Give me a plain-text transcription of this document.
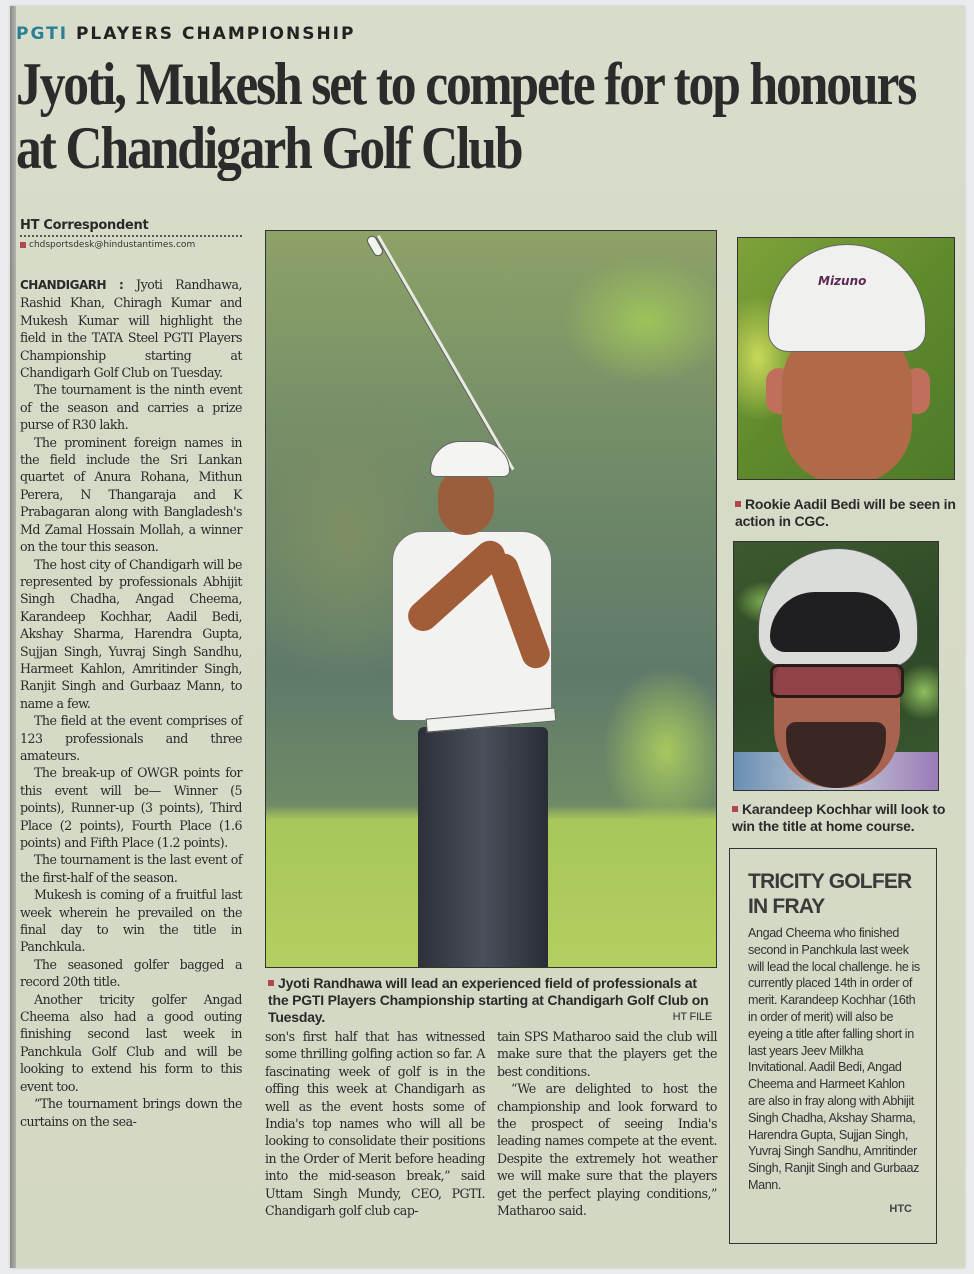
PGTI PLAYERS CHAMPIONSHIP
Jyoti, Mukesh set to compete for top honours at Chandigarh Golf Club
HT Correspondent
chdsportsdesk@hindustantimes.com

CHANDIGARH : Jyoti Randhawa, Rashid Khan, Chiragh Kumar and Mukesh Kumar will highlight the field in the TATA Steel PGTI Players Championship starting at Chandigarh Golf Club on Tuesday.

The tournament is the ninth event of the season and carries a prize purse of R30 lakh.

The prominent foreign names in the field include the Sri Lankan quartet of Anura Rohana, Mithun Perera, N Thangaraja and K Prabagaran along with Bangladesh's Md Zamal Hossain Mollah, a winner on the tour this season.

The host city of Chandigarh will be represented by professionals Abhijit Singh Chadha, Angad Cheema, Karandeep Kochhar, Aadil Bedi, Akshay Sharma, Harendra Gupta, Sujjan Singh, Yuvraj Singh Sandhu, Harmeet Kahlon, Amritinder Singh, Ranjit Singh and Gurbaaz Mann, to name a few.

The field at the event comprises of 123 professionals and three amateurs.

The break-up of OWGR points for this event will be— Winner (5 points), Runner-up (3 points), Third Place (2 points), Fourth Place (1.6 points) and Fifth Place (1.2 points).

The tournament is the last event of the first-half of the season.

Mukesh is coming of a fruitful last week wherein he prevailed on the final day to win the title in Panchkula.

The seasoned golfer bagged a record 20th title.

Another tricity golfer Angad Cheema also had a good outing finishing second last week in Panchkula Golf Club and will be looking to extend his form to this event too.

“The tournament brings down the curtains on the sea-

Jyoti Randhawa will lead an experienced field of professionals at the PGTI Players Championship starting at Chandigarh Golf Club on Tuesday.	HT FILE
Mizuno
Rookie Aadil Bedi will be seen in action in CGC.
Karandeep Kochhar will look to win the title at home course.
TRICITY GOLFER IN FRAY
Angad Cheema who finished second in Panchkula last week will lead the local challenge. he is currently placed 14th in order of merit. Karandeep Kochhar (16th in order of merit) will also be eyeing a title after falling short in last years Jeev Milkha Invitational. Aadil Bedi, Angad Cheema and Harmeet Kahlon are also in fray along with Abhijit Singh Chadha, Akshay Sharma, Harendra Gupta, Sujjan Singh, Yuvraj Singh Sandhu, Amritinder Singh, Ranjit Singh and Gurbaaz Mann.
HTC

son's first half that has witnessed some thrilling golfing action so far. A fascinating week of golf is in the offing this week at Chandigarh as well as the event hosts some of India's top names who will all be looking to consolidate their positions in the Order of Merit before heading into the mid-season break,” said Uttam Singh Mundy, CEO, PGTI. Chandigarh golf club cap-

tain SPS Matharoo said the club will make sure that the players get the best conditions.

“We are delighted to host the championship and look forward to the prospect of seeing India's leading names compete at the event. Despite the extremely hot weather we will make sure that the players get the perfect playing conditions,” Matharoo said.
